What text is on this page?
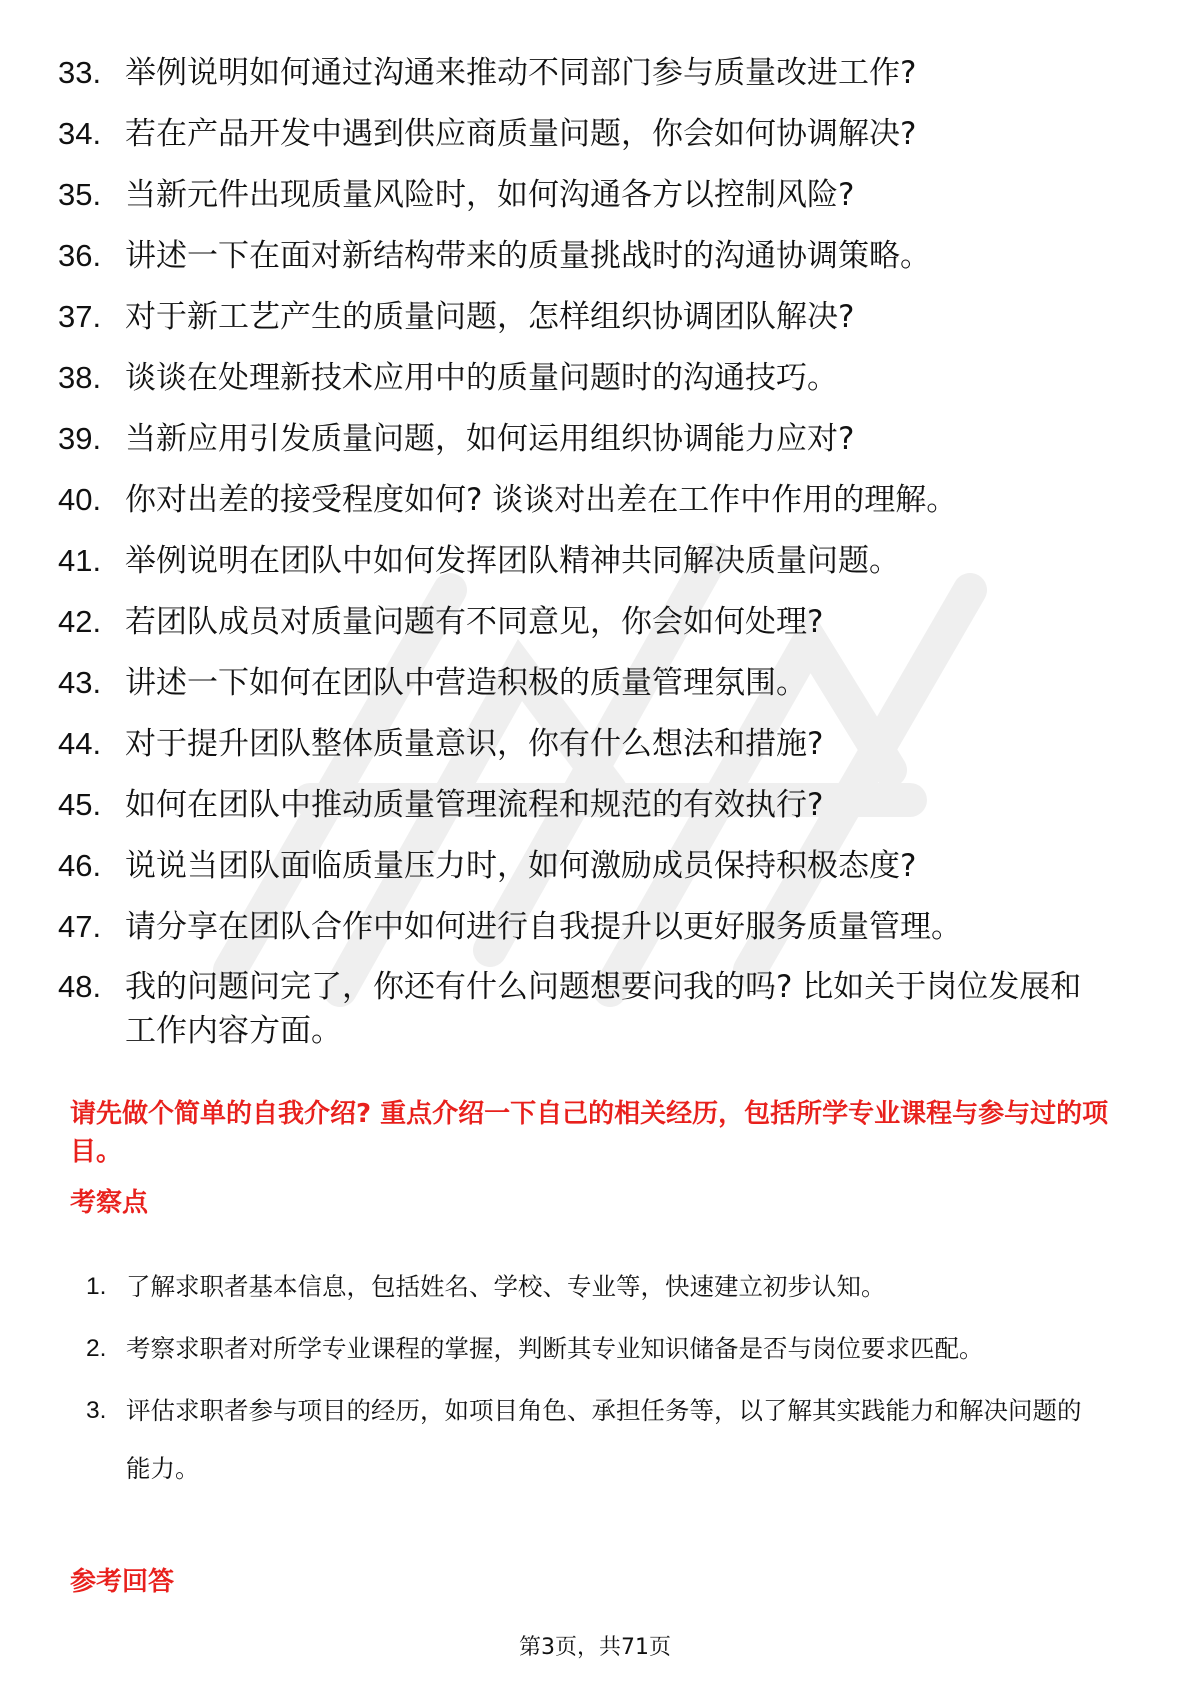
33. 举例说明如何通过沟通来推动不同部门参与质量改进工作?
34. 若在产品开发中遇到供应商质量问题，你会如何协调解决?
35. 当新元件出现质量风险时，如何沟通各方以控制风险?
36. 讲述一下在面对新结构带来的质量挑战时的沟通协调策略。
37. 对于新工艺产生的质量问题，怎样组织协调团队解决?
38. 谈谈在处理新技术应用中的质量问题时的沟通技巧。
39. 当新应用引发质量问题，如何运用组织协调能力应对?
40. 你对出差的接受程度如何? 谈谈对出差在工作中作用的理解。
41. 举例说明在团队中如何发挥团队精神共同解决质量问题。
42. 若团队成员对质量问题有不同意见，你会如何处理?
43. 讲述一下如何在团队中营造积极的质量管理氛围。
44. 对于提升团队整体质量意识，你有什么想法和措施?
45. 如何在团队中推动质量管理流程和规范的有效执行?
46. 说说当团队面临质量压力时，如何激励成员保持积极态度?
47. 请分享在团队合作中如何进行自我提升以更好服务质量管理。
48. 我的问题问完了，你还有什么问题想要问我的吗? 比如关于岗位发展和工作内容方面。

请先做个简单的自我介绍? 重点介绍一下自己的相关经历，包括所学专业课程与参与过的项目。

考察点
1. 了解求职者基本信息，包括姓名、学校、专业等，快速建立初步认知。
2. 考察求职者对所学专业课程的掌握，判断其专业知识储备是否与岗位要求匹配。
3. 评估求职者参与项目的经历，如项目角色、承担任务等，以了解其实践能力和解决问题的能力。
参考回答
第3页，共71页
